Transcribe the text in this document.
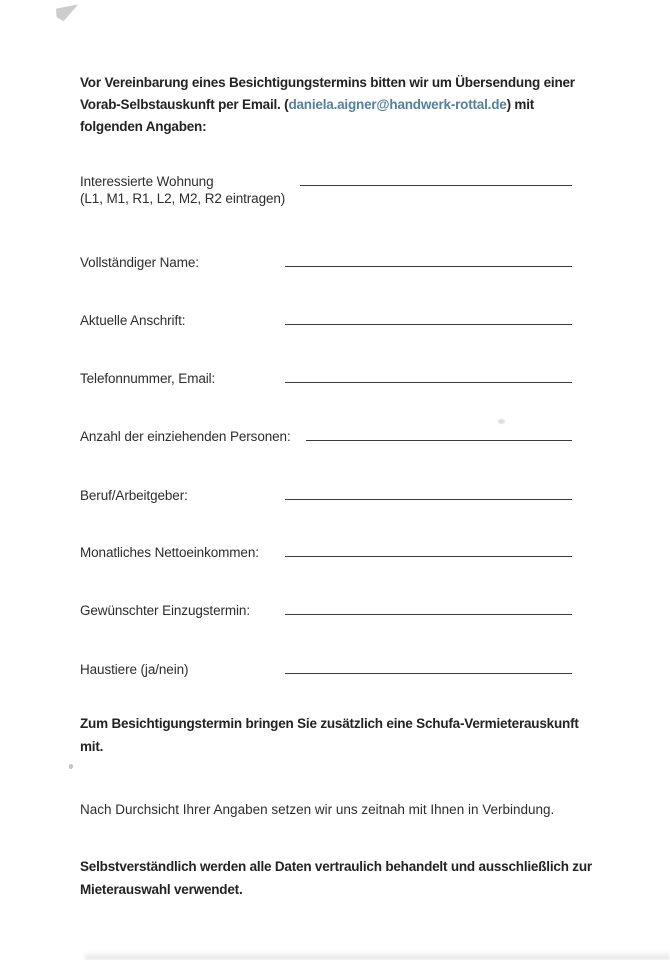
Vor Vereinbarung eines Besichtigungstermins bitten wir um Übersendung einer
Vorab-Selbstauskunft per Email. (daniela.aigner@handwerk-rottal.de) mit
folgenden Angaben:
Interessierte Wohnung
(L1, M1, R1, L2, M2, R2 eintragen)
Vollständiger Name:
Aktuelle Anschrift:
Telefonnummer, Email:
Anzahl der einziehenden Personen:
Beruf/Arbeitgeber:
Monatliches Nettoeinkommen:
Gewünschter Einzugstermin:
Haustiere (ja/nein)
Zum Besichtigungstermin bringen Sie zusätzlich eine Schufa-Vermieterauskunft
mit.
Nach Durchsicht Ihrer Angaben setzen wir uns zeitnah mit Ihnen in Verbindung.
Selbstverständlich werden alle Daten vertraulich behandelt und ausschließlich zur
Mieterauswahl verwendet.
